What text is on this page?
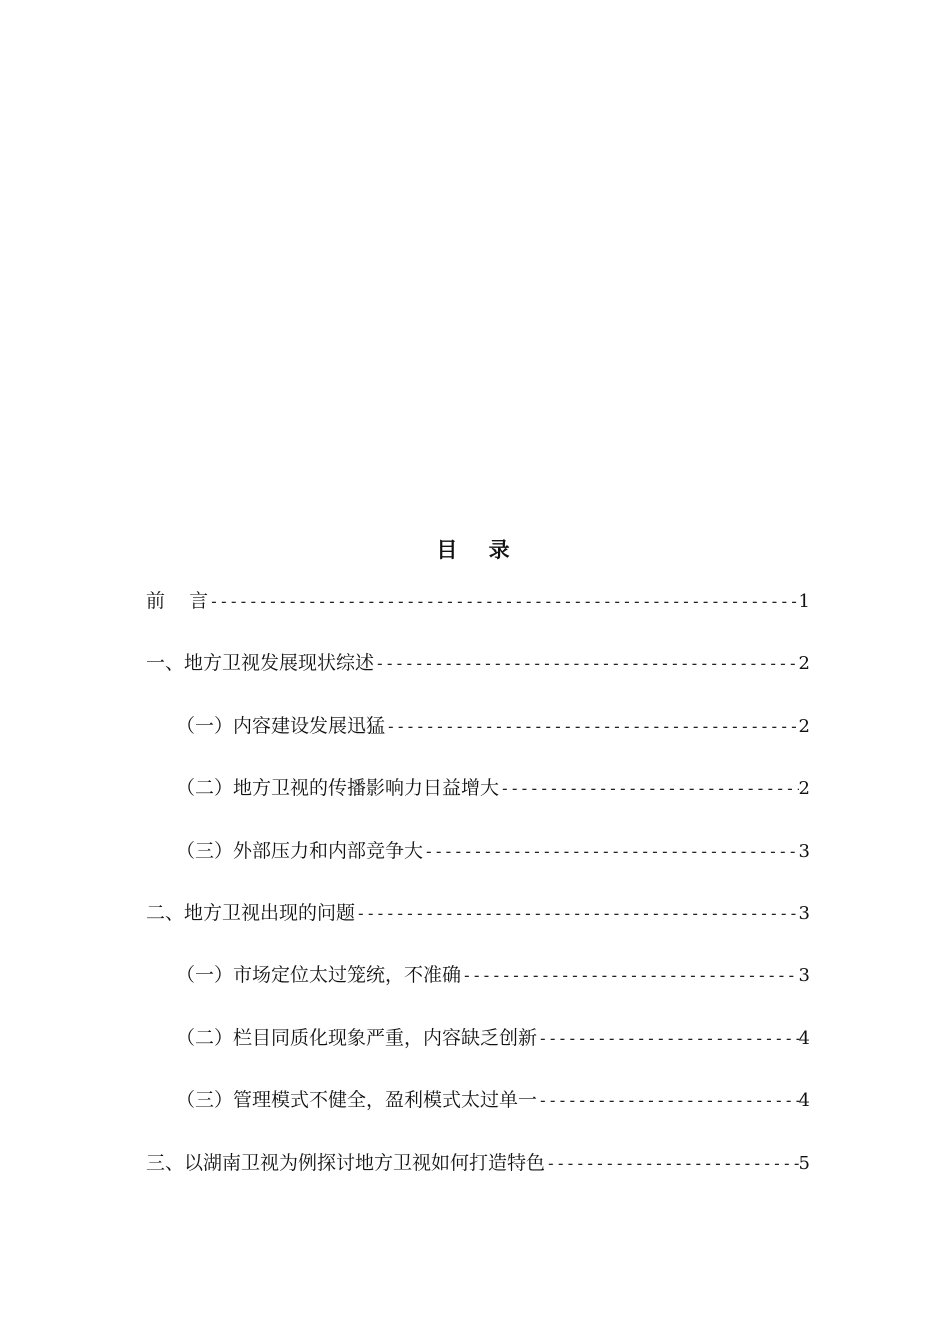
目 录
前    言 -----	1
一、地方卫视发展现状综述 -----	2
（一）内容建设发展迅猛 -----	2
（二）地方卫视的传播影响力日益增大 -----	2
（三）外部压力和内部竞争大 -----	3
二、地方卫视出现的问题 -----	3
（一）市场定位太过笼统，不准确 -----	3
（二）栏目同质化现象严重，内容缺乏创新 -----	4
（三）管理模式不健全，盈利模式太过单一 -----	4
三、以湖南卫视为例探讨地方卫视如何打造特色 -----	5
